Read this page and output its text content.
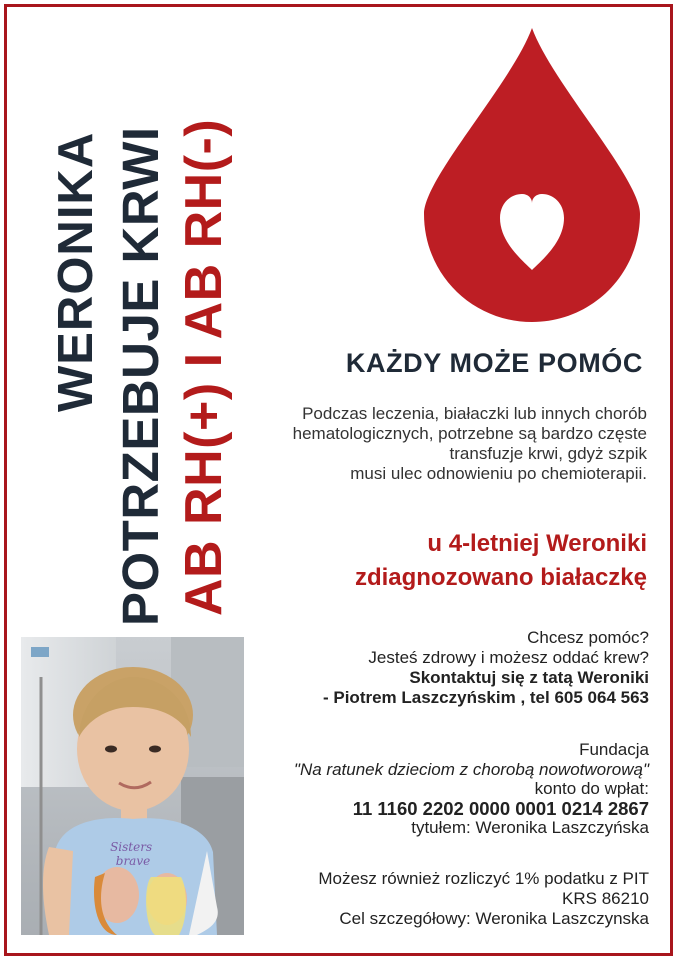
WERONIKA POTRZEBUJE KRWI AB RH(+) I AB RH(-)	KAŻDY MOŻE POMÓC
Podczas leczenia, białaczki lub innych chorób
hematologicznych, potrzebne są bardzo częste
transfuzje krwi, gdyż szpik
musi ulec odnowieniu po chemioterapii.
u 4-letniej Weroniki
zdiagnozowano białaczkę
Chcesz pomóc?
Jesteś zdrowy i możesz oddać krew?
Skontaktuj się z tatą Weroniki
- Piotrem Laszczyńskim , tel 605 064 563
Fundacja
"Na ratunek dzieciom z chorobą nowotworową"
konto do wpłat:
11 1160 2202 0000 0001 0214 2867
tytułem: Weronika Laszczyńska
Możesz również rozliczyć 1% podatku z PIT
KRS 86210
Cel szczegółowy: Weronika Laszczynska
Sisters brave
